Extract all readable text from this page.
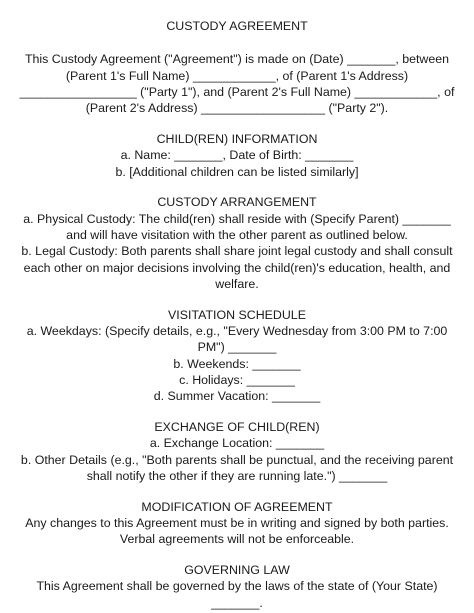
CUSTODY AGREEMENT

This Custody Agreement ("Agreement") is made on (Date) _______, between (Parent 1's Full Name) ____________, of (Parent 1's Address) _________________ ("Party 1"), and (Parent 2's Full Name) ____________, of (Parent 2's Address) __________________ ("Party 2").

CHILD(REN) INFORMATION

a. Name: _______, Date of Birth: _______

b. [Additional children can be listed similarly]

CUSTODY ARRANGEMENT

a. Physical Custody: The child(ren) shall reside with (Specify Parent) _______ and will have visitation with the other parent as outlined below.

b. Legal Custody: Both parents shall share joint legal custody and shall consult each other on major decisions involving the child(ren)'s education, health, and welfare.

VISITATION SCHEDULE

a. Weekdays: (Specify details, e.g., "Every Wednesday from 3:00 PM to 7:00 PM") _______

b. Weekends: _______

c. Holidays: _______

d. Summer Vacation: _______

EXCHANGE OF CHILD(REN)

a. Exchange Location: _______

b. Other Details (e.g., "Both parents shall be punctual, and the receiving parent shall notify the other if they are running late.") _______

MODIFICATION OF AGREEMENT

Any changes to this Agreement must be in writing and signed by both parties. Verbal agreements will not be enforceable.

GOVERNING LAW

This Agreement shall be governed by the laws of the state of (Your State) _______.
